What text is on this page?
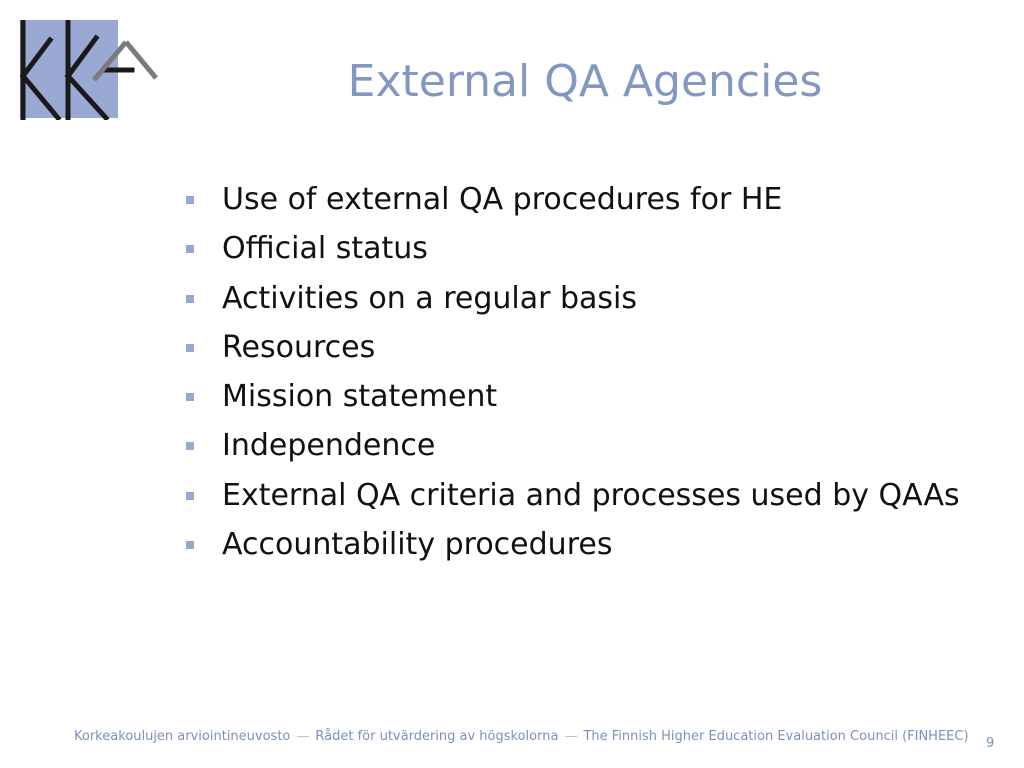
External QA Agencies
Use of external QA procedures for HE
Official status
Activities on a regular basis
Resources
Mission statement
Independence
External QA criteria and processes used by QAAs
Accountability procedures
Korkeakoulujen arviointineuvosto — Rådet för utvärdering av högskolorna — The Finnish Higher Education Evaluation Council (FINHEEC) 9
